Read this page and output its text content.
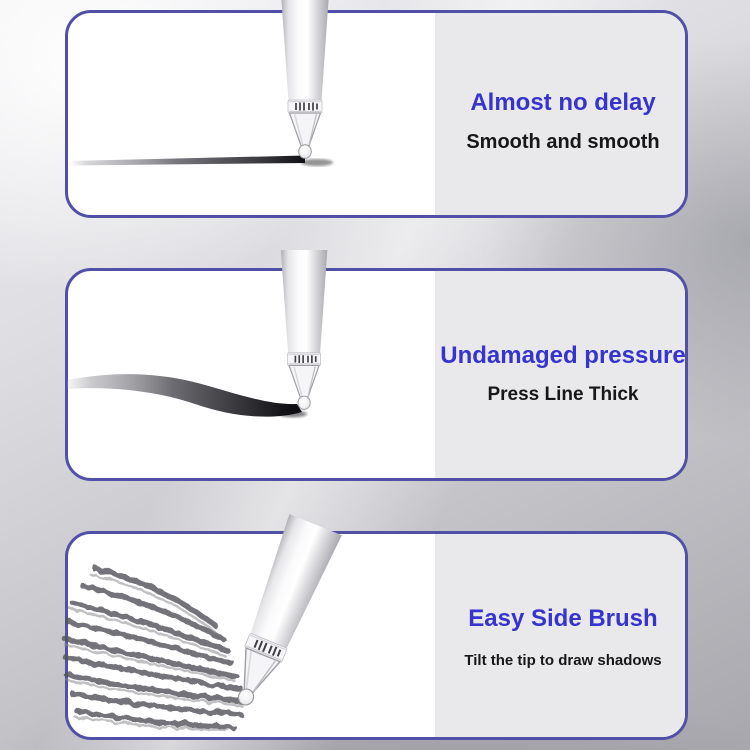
Almost no delay
Smooth and smooth
Undamaged pressure
Press Line Thick
Easy Side Brush
Tilt the tip to draw shadows
